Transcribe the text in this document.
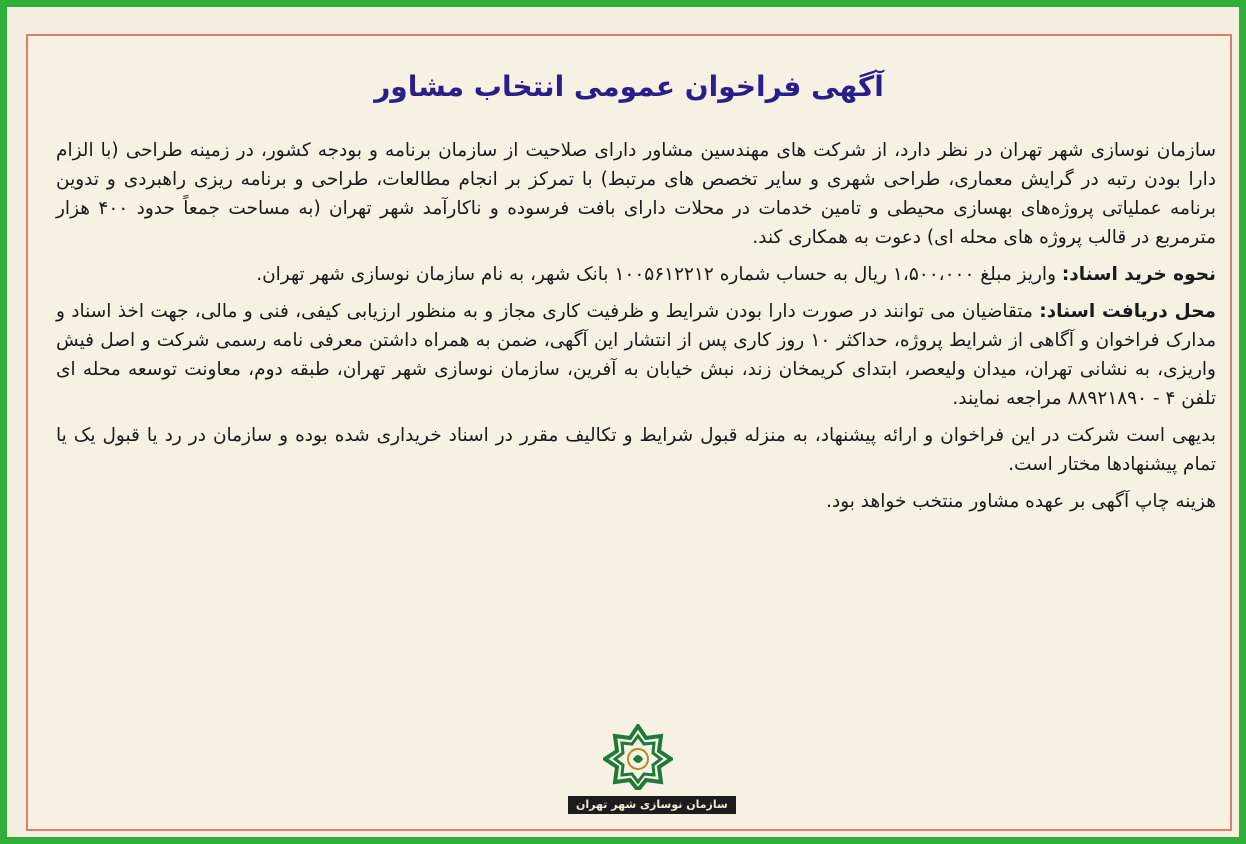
آگهی فراخوان عمومی انتخاب مشاور

سازمان نوسازی شهر تهران در نظر دارد، از شرکت های مهندسین مشاور دارای صلاحیت از سازمان برنامه و بودجه کشور، در زمینه طراحی (با الزام دارا بودن رتبه در گرایش معماری، طراحی شهری و سایر تخصص های مرتبط) با تمرکز بر انجام مطالعات، طراحی و برنامه ریزی راهبردی و تدوین برنامه عملیاتی پروژه‌های بهسازی محیطی و تامین خدمات در محلات دارای بافت فرسوده و ناکارآمد شهر تهران (به مساحت جمعاً حدود ۴۰۰ هزار مترمربع در قالب پروژه های محله ای) دعوت به همکاری کند.

نحوه خرید اسناد: واریز مبلغ ۱،۵۰۰،۰۰۰ ریال به حساب شماره ۱۰۰۵۶۱۲۲۱۲ بانک شهر، به نام سازمان نوسازی شهر تهران.

محل دریافت اسناد: متقاضیان می توانند در صورت دارا بودن شرایط و ظرفیت کاری مجاز و به منظور ارزیابی کیفی، فنی و مالی، جهت اخذ اسناد و مدارک فراخوان و آگاهی از شرایط پروژه، حداکثر ۱۰ روز کاری پس از انتشار این آگهی، ضمن به همراه داشتن معرفی نامه رسمی شرکت و اصل فیش واریزی، به نشانی تهران، میدان ولیعصر، ابتدای کریمخان زند، نبش خیابان به آفرین، سازمان نوسازی شهر تهران، طبقه دوم، معاونت توسعه محله ای تلفن ۴ - ۸۸۹۲۱۸۹۰ مراجعه نمایند.

بدیهی است شرکت در این فراخوان و ارائه پیشنهاد، به منزله قبول شرایط و تکالیف مقرر در اسناد خریداری شده بوده و سازمان در رد یا قبول یک یا تمام پیشنهادها مختار است.

هزینه چاپ آگهی بر عهده مشاور منتخب خواهد بود.

سازمان نوسازی شهر تهران
